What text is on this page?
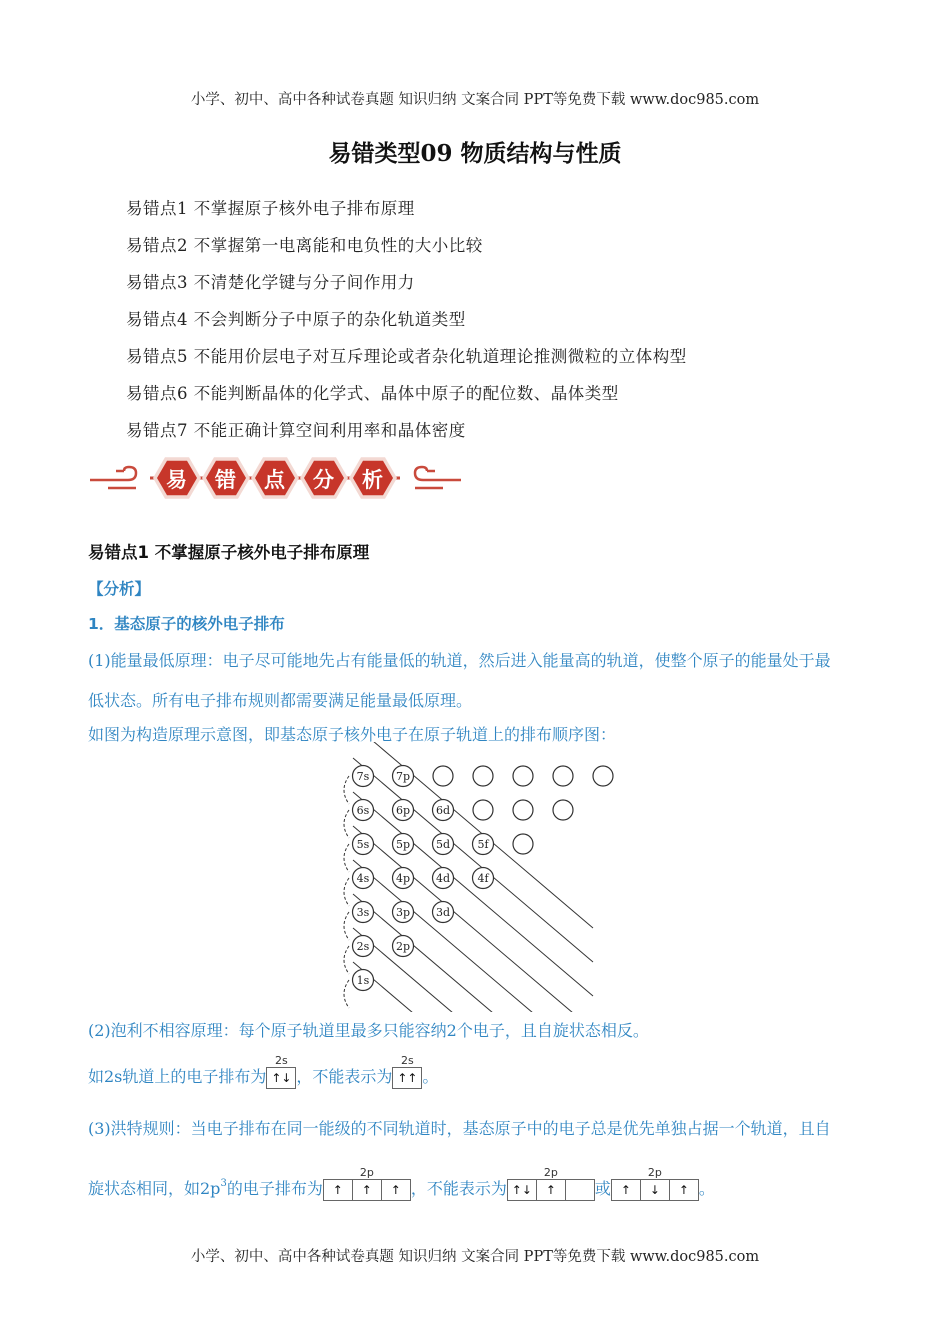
小学、初中、高中各种试卷真题 知识归纳 文案合同 PPT等免费下载 www.doc985.com
易错类型09 物质结构与性质
易错点1 不掌握原子核外电子排布原理
易错点2 不掌握第一电离能和电负性的大小比较
易错点3 不清楚化学键与分子间作用力
易错点4 不会判断分子中原子的杂化轨道类型
易错点5 不能用价层电子对互斥理论或者杂化轨道理论推测微粒的立体构型
易错点6 不能判断晶体的化学式、晶体中原子的配位数、晶体类型
易错点7 不能正确计算空间利用率和晶体密度
易 错 点 分 析
易错点1 不掌握原子核外电子排布原理
【分析】
1．基态原子的核外电子排布
(1)能量最低原理：电子尽可能地先占有能量低的轨道，然后进入能量高的轨道，使整个原子的能量处于最
低状态。所有电子排布规则都需要满足能量最低原理。
如图为构造原理示意图，即基态原子核外电子在原子轨道上的排布顺序图：
7s 7p
6s 6p 6d
5s 5p 5d 5f
4s 4p 4d 4f
3s 3p 3d
2s 2p
1s
(2)泡利不相容原理：每个原子轨道里最多只能容纳2个电子，且自旋状态相反。
如2s轨道上的电子排布为
2s
↑↓ ，不能表示为
2s
↑↑ 。
(3)洪特规则：当电子排布在同一能级的不同轨道时，基态原子中的电子总是优先单独占据一个轨道，且自
旋状态相同，如2p 3 的电子排布为
2p
↑	↑	↑ ，不能表示为
2p
↑↓	↑	或
2p
↑	↓	↑ 。
小学、初中、高中各种试卷真题 知识归纳 文案合同 PPT等免费下载 www.doc985.com
